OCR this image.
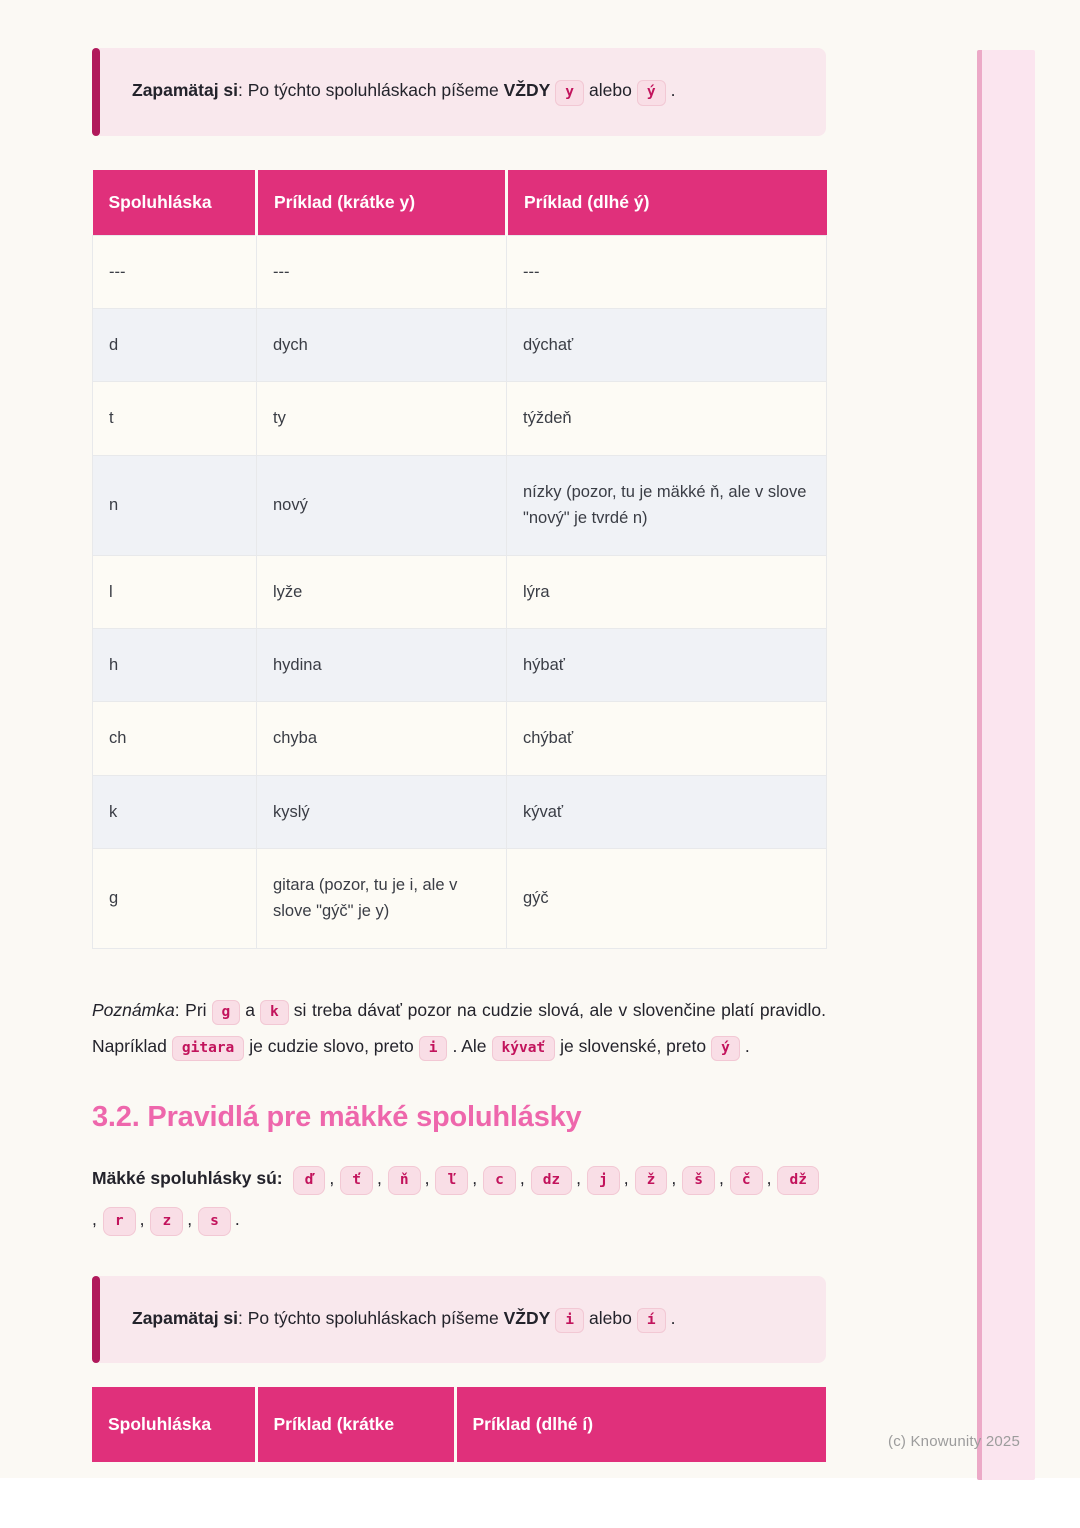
(c) Knowunity 2025
Zapamätaj si: Po týchto spoluhláskach píšeme VŽDY y alebo ý .
Spoluhláska	Príklad (krátke y)	Príklad (dlhé ý)
---	---	---
d	dych	dýchať
t	ty	týždeň
n	nový	nízky (pozor, tu je mäkké ň, ale v slove "nový" je tvrdé n)
l	lyže	lýra
h	hydina	hýbať
ch	chyba	chýbať
k	kyslý	kývať
g	gitara (pozor, tu je i, ale v slove "gýč" je y)	gýč

Poznámka: Pri g a k si treba dávať pozor na cudzie slová, ale v slovenčine platí pravidlo. Napríklad gitara je cudzie slovo, preto i . Ale kývať je slovenské, preto ý .

3.2. Pravidlá pre mäkké spoluhlásky

Mäkké spoluhlásky sú: ď , ť , ň , ľ , c , dz , j , ž , š , č , dž, r , z , s .

Zapamätaj si: Po týchto spoluhláskach píšeme VŽDY i alebo í .
Spoluhláska	Príklad (krátke	Príklad (dlhé í)
